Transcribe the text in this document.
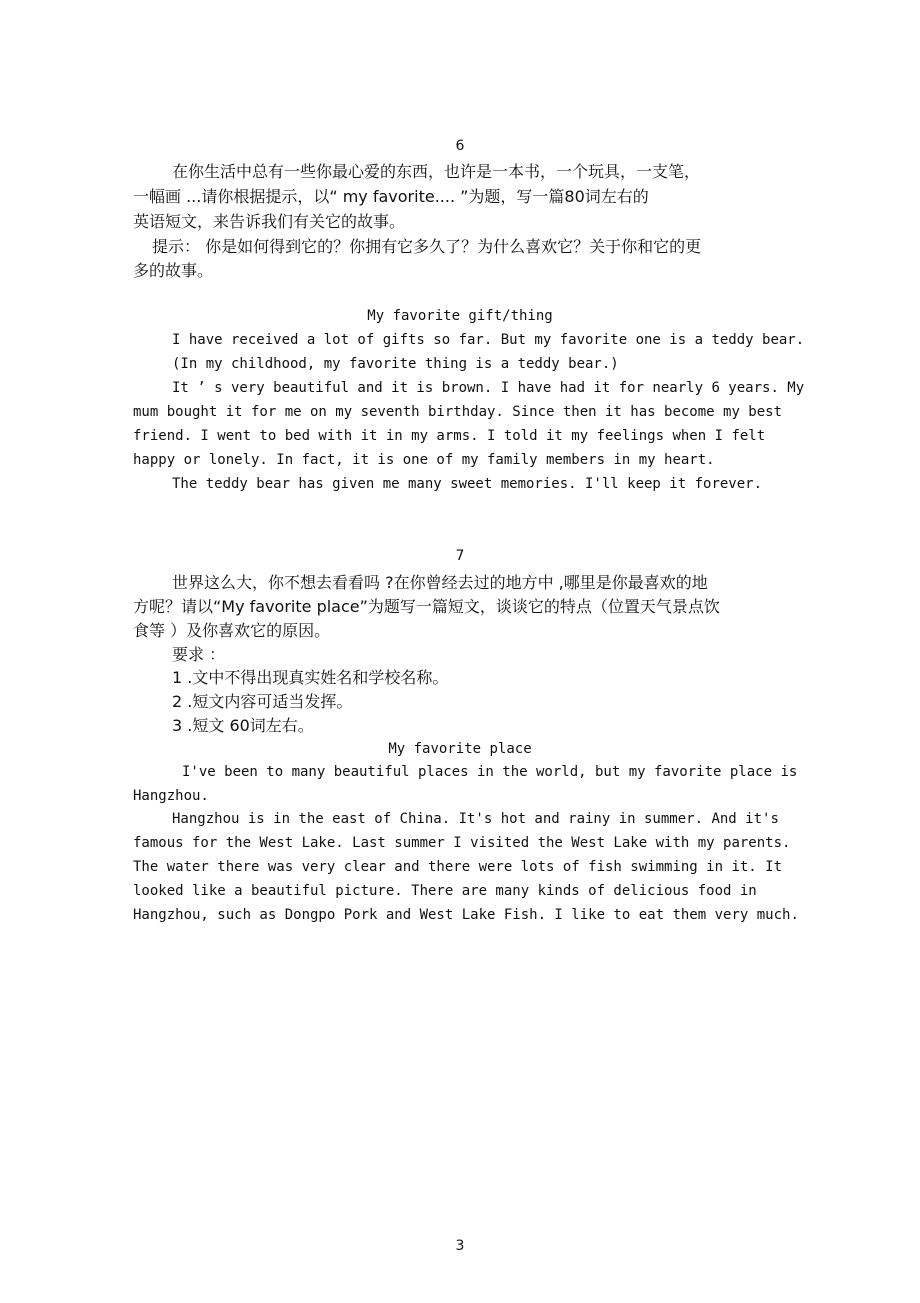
6
在你生活中总有一些你最心爱的东西，也许是一本书，一个玩具，一支笔，
一幅画 ...请你根据提示，以“ my favorite.... ”为题，写一篇80词左右的
英语短文，来告诉我们有关它的故事。
提示： 你是如何得到它的？你拥有它多久了？为什么喜欢它？关于你和它的更
多的故事。
My favorite gift/thing
I have received a lot of gifts so far. But my favorite one is a teddy bear.
(In my childhood, my favorite thing is a teddy bear.)
It ’ s very beautiful and it is brown. I have had it for nearly 6 years. My
mum bought it for me on my seventh birthday. Since then it has become my best
friend. I went to bed with it in my arms. I told it my feelings when I felt
happy or lonely. In fact, it is one of my family members in my heart.
The teddy bear has given me many sweet memories. I'll keep it forever.
7
世界这么大，你不想去看看吗 ?在你曾经去过的地方中 ,哪里是你最喜欢的地
方呢？请以“My favorite place”为题写一篇短文，谈谈它的特点（位置天气景点饮
食等 ）及你喜欢它的原因。
要求 ：
1 .文中不得出现真实姓名和学校名称。
2 .短文内容可适当发挥。
3 .短文 60词左右。
My favorite place
I've been to many beautiful places in the world, but my favorite place is
Hangzhou.
Hangzhou is in the east of China. It's hot and rainy in summer. And it's
famous for the West Lake. Last summer I visited the West Lake with my parents.
The water there was very clear and there were lots of fish swimming in it. It
looked like a beautiful picture. There are many kinds of delicious food in
Hangzhou, such as Dongpo Pork and West Lake Fish. I like to eat them very much.
3
